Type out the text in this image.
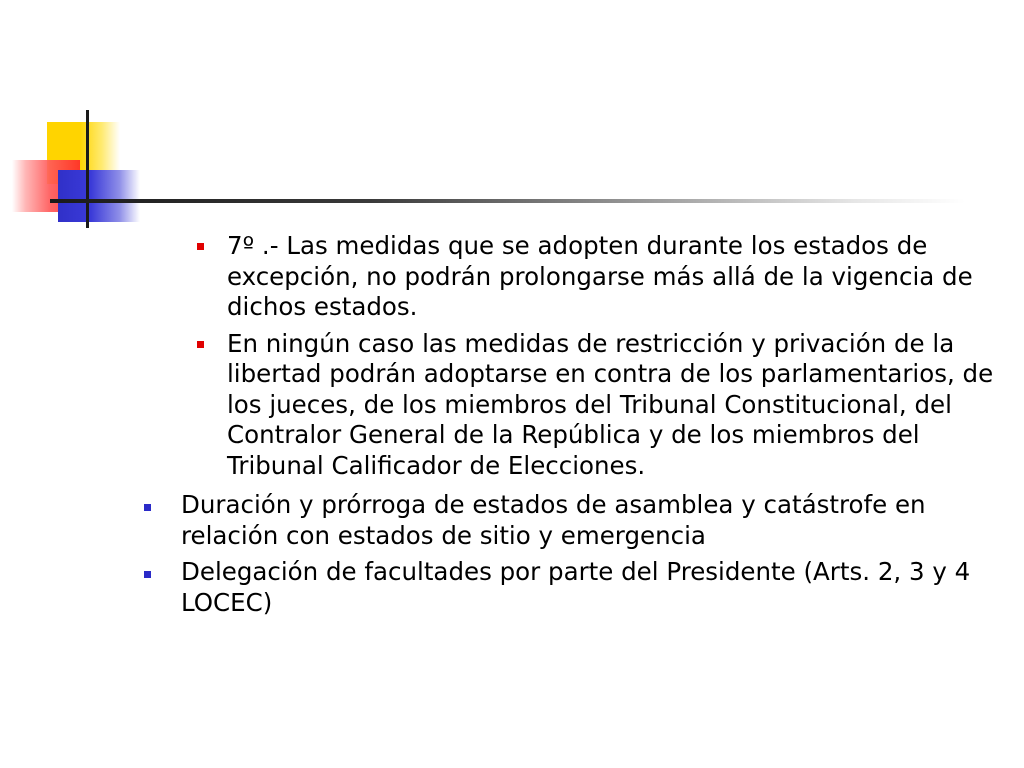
7º .- Las medidas que se adopten durante los estados de excepción, no podrán prolongarse más allá de la vigencia de dichos estados.
En ningún caso las medidas de restricción y privación de la libertad podrán adoptarse en contra de los parlamentarios, de los jueces, de los miembros del Tribunal Constitucional, del Contralor General de la República y de los miembros del Tribunal Calificador de Elecciones.
Duración y prórroga de estados de asamblea y catástrofe en relación con estados de sitio y emergencia
Delegación de facultades por parte del Presidente (Arts. 2, 3 y 4 LOCEC)
